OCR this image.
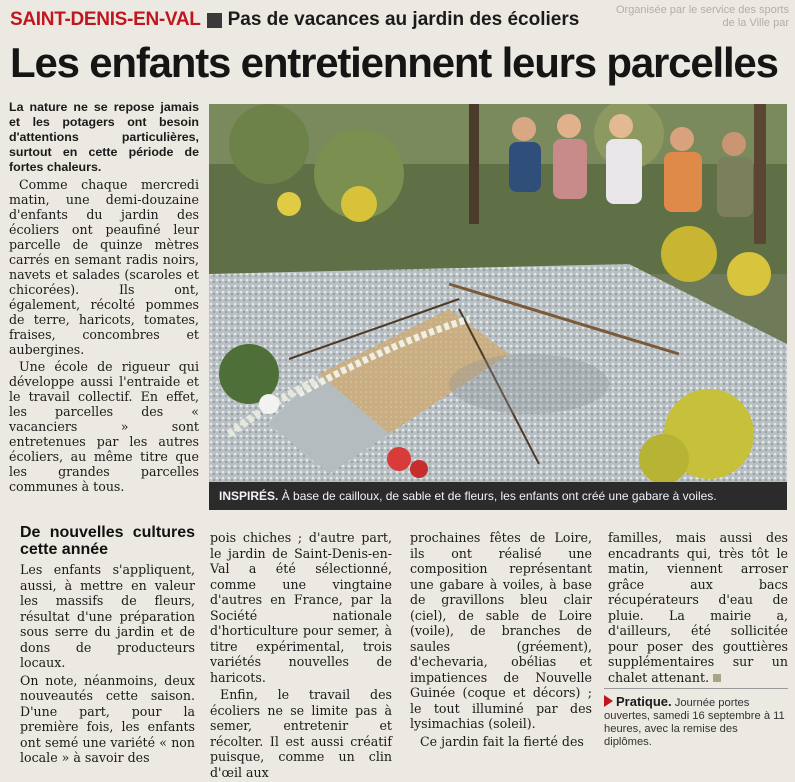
SAINT-DENIS-EN-VAL Pas de vacances au jardin des écoliers	Organisée par le service des sports de la Ville par
Les enfants entretiennent leurs parcelles

La nature ne se repose jamais et les potagers ont besoin d'attentions particulières, surtout en cette période de fortes chaleurs.

Comme chaque mercredi matin, une demi-douzaine d'enfants du jardin des écoliers ont peaufiné leur parcelle de quinze mètres carrés en semant radis noirs, navets et salades (scaroles et chicorées). Ils ont, également, récolté pommes de terre, haricots, tomates, fraises, concombres et aubergines.

Une école de rigueur qui développe aussi l'entraide et le travail collectif. En effet, les parcelles des « vacanciers » sont entretenues par les autres écoliers, au même titre que les grandes parcelles communes à tous.

INSPIRÉS. À base de cailloux, de sable et de fleurs, les enfants ont créé une gabare à voiles.
De nouvelles cultures cette année

Les enfants s'appliquent, aussi, à mettre en valeur les massifs de fleurs, résultat d'une préparation sous serre du jardin et de dons de producteurs locaux.

On note, néanmoins, deux nouveautés cette saison. D'une part, pour la première fois, les enfants ont semé une variété « non locale » à savoir des

pois chiches ; d'autre part, le jardin de Saint-Denis-en-Val a été sélectionné, comme une vingtaine d'autres en France, par la Société nationale d'horticulture pour semer, à titre expérimental, trois variétés nouvelles de haricots.

Enfin, le travail des écoliers ne se limite pas à semer, entretenir et récolter. Il est aussi créatif puisque, comme un clin d'œil aux

prochaines fêtes de Loire, ils ont réalisé une composition représentant une gabare à voiles, à base de gravillons bleu clair (ciel), de sable de Loire (voile), de branches de saules (gréement), d'echevaria, obélias et impatiences de Nouvelle Guinée (coque et décors) ; le tout illuminé par des lysimachias (soleil).

Ce jardin fait la fierté des

familles, mais aussi des encadrants qui, très tôt le matin, viennent arroser grâce aux bacs récupérateurs d'eau de pluie. La mairie a, d'ailleurs, été sollicitée pour poser des gouttières supplémentaires sur un chalet attenant.

Pratique. Journée portes ouvertes, samedi 16 septembre à 11 heures, avec la remise des diplômes.
